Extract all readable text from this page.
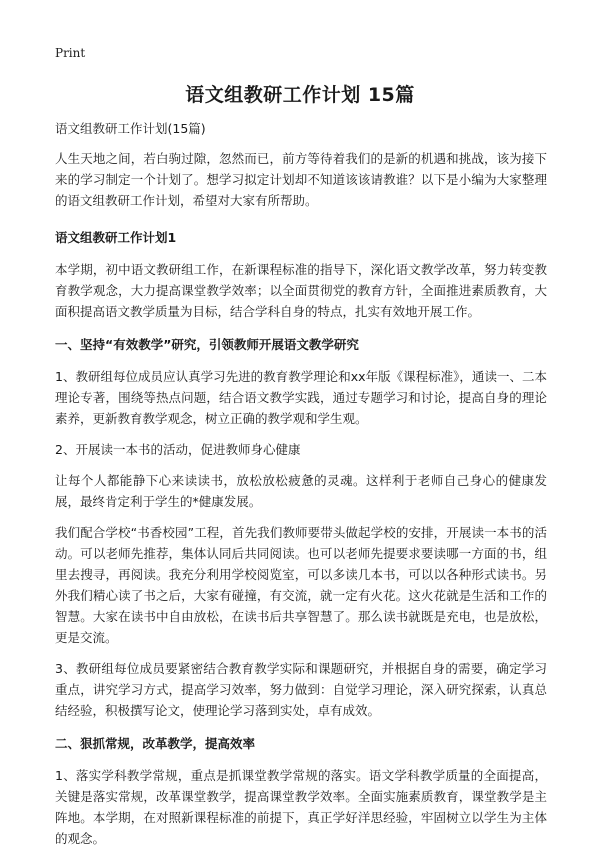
Print
语文组教研工作计划 15篇
语文组教研工作计划(15篇)

人生天地之间，若白驹过隙，忽然而已，前方等待着我们的是新的机遇和挑战，该为接下来的学习制定一个计划了。想学习拟定计划却不知道该该请教谁？以下是小编为大家整理的语文组教研工作计划，希望对大家有所帮助。

语文组教研工作计划1

本学期，初中语文教研组工作，在新课程标准的指导下，深化语文教学改革，努力转变教育教学观念，大力提高课堂教学效率；以全面贯彻党的教育方针，全面推进素质教育，大面积提高语文教学质量为目标，结合学科自身的特点，扎实有效地开展工作。

一、坚持“有效教学”研究，引领教师开展语文教学研究

1、教研组每位成员应认真学习先进的教育教学理论和xx年版《课程标准》，通读一、二本理论专著，围绕等热点问题，结合语文教学实践，通过专题学习和讨论，提高自身的理论素养，更新教育教学观念，树立正确的教学观和学生观。

2、开展读一本书的活动，促进教师身心健康

让每个人都能静下心来读读书，放松放松疲惫的灵魂。这样利于老师自己身心的健康发展，最终肯定利于学生的*健康发展。

我们配合学校“书香校园”工程，首先我们教师要带头做起学校的安排，开展读一本书的活动。可以老师先推荐，集体认同后共同阅读。也可以老师先提要求要读哪一方面的书，组里去搜寻，再阅读。我充分利用学校阅览室，可以多读几本书，可以以各种形式读书。另外我们精心读了书之后，大家有碰撞，有交流，就一定有火花。这火花就是生活和工作的智慧。大家在读书中自由放松，在读书后共享智慧了。那么读书就既是充电，也是放松，更是交流。

3、教研组每位成员要紧密结合教育教学实际和课题研究，并根据自身的需要，确定学习重点，讲究学习方式，提高学习效率，努力做到：自觉学习理论，深入研究探索，认真总结经验，积极撰写论文，使理论学习落到实处，卓有成效。

二、狠抓常规，改革教学，提高效率

1、落实学科教学常规，重点是抓课堂教学常规的落实。语文学科教学质量的全面提高，关键是落实常规，改革课堂教学，提高课堂教学效率。全面实施素质教育，课堂教学是主阵地。本学期，在对照新课程标准的前提下，真正学好洋思经验，牢固树立以学生为主体的观念。
